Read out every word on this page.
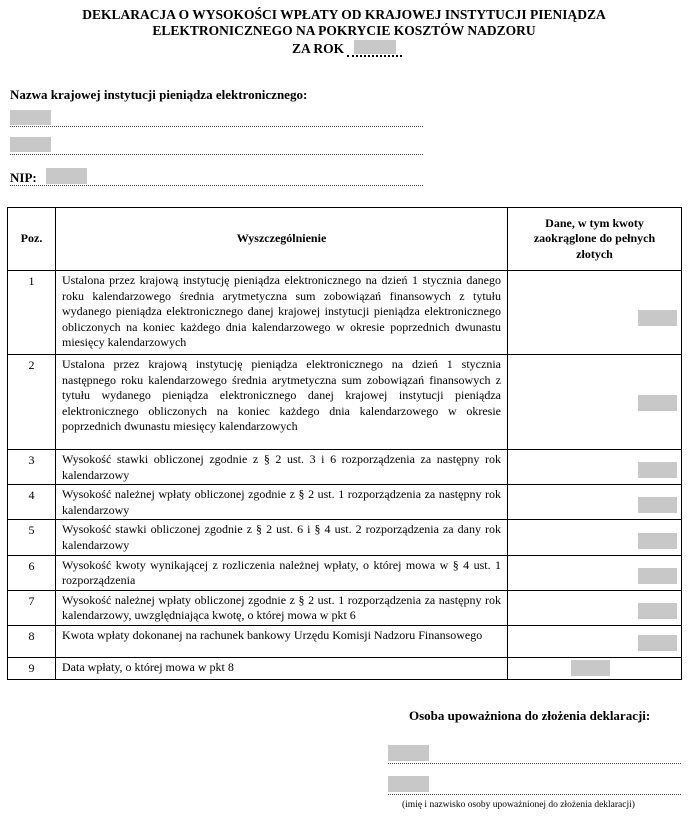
DEKLARACJA O WYSOKOŚCI WPŁATY OD KRAJOWEJ INSTYTUCJI PIENIĄDZA
ELEKTRONICZNEGO NA POKRYCIE KOSZTÓW NADZORU
ZA ROK
Nazwa krajowej instytucji pieniądza elektronicznego:
NIP:
Poz.	Wyszczególnienie	Dane, w tym kwoty zaokrąglone do pełnych złotych
1	Ustalona przez krajową instytucję pieniądza elektronicznego na dzień 1 stycznia danego roku kalendarzowego średnia arytmetyczna sum zobowiązań finansowych z tytułu wydanego pieniądza elektronicznego danej krajowej instytucji pieniądza elektronicznego obliczonych na koniec każdego dnia kalendarzowego w okresie poprzednich dwunastu miesięcy kalendarzowych	

2	Ustalona przez krajową instytucję pieniądza elektronicznego na dzień 1 stycznia następnego roku kalendarzowego średnia arytmetyczna sum zobowiązań finansowych z tytułu wydanego pieniądza elektronicznego danej krajowej instytucji pieniądza elektronicznego obliczonych na koniec każdego dnia kalendarzowego w okresie poprzednich dwunastu miesięcy kalendarzowych	

3	Wysokość stawki obliczonej zgodnie z § 2 ust. 3 i 6 rozporządzenia za następny rok kalendarzowy	

4	Wysokość należnej wpłaty obliczonej zgodnie z § 2 ust. 1 rozporządzenia za następny rok kalendarzowy	

5	Wysokość stawki obliczonej zgodnie z § 2 ust. 6 i § 4 ust. 2 rozporządzenia za dany rok kalendarzowy	

6	Wysokość kwoty wynikającej z rozliczenia należnej wpłaty, o której mowa w § 4 ust. 1 rozporządzenia	

7	Wysokość należnej wpłaty obliczonej zgodnie z § 2 ust. 1 rozporządzenia za następny rok kalendarzowy, uwzględniająca kwotę, o której mowa w pkt 6	

8	Kwota wpłaty dokonanej na rachunek bankowy Urzędu Komisji Nadzoru Finansowego	

9	Data wpłaty, o której mowa w pkt 8	
Osoba upoważniona do złożenia deklaracji:
(imię i nazwisko osoby upoważnionej do złożenia deklaracji)
